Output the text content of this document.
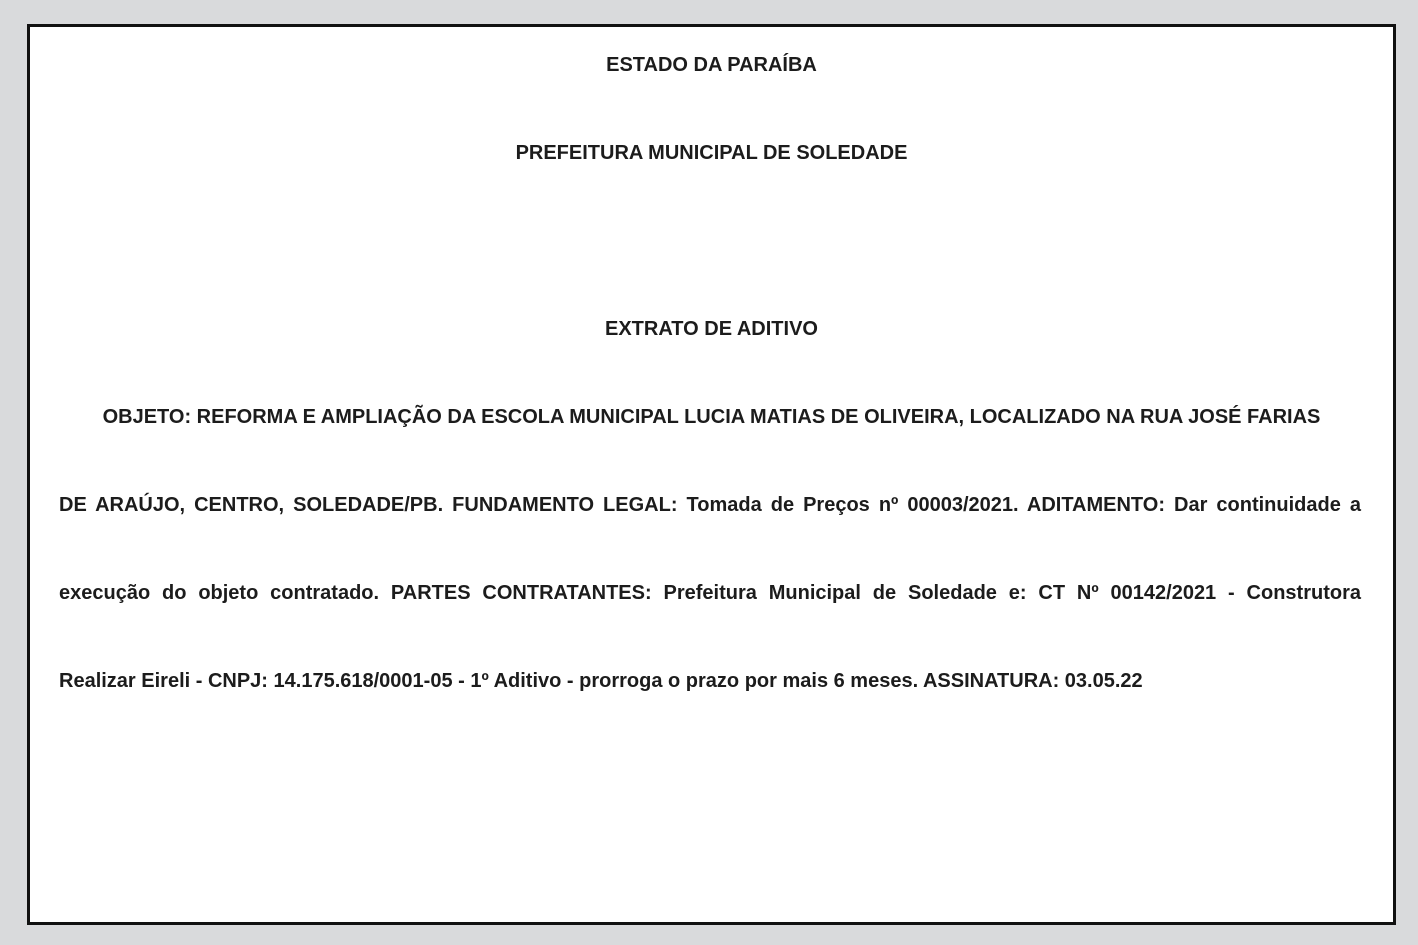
ESTADO DA PARAÍBA
PREFEITURA MUNICIPAL DE SOLEDADE
EXTRATO DE ADITIVO
OBJETO: REFORMA E AMPLIAÇÃO DA ESCOLA MUNICIPAL LUCIA MATIAS DE OLIVEIRA, LOCALIZADO NA RUA JOSÉ FARIAS
DE ARAÚJO, CENTRO, SOLEDADE/PB. FUNDAMENTO LEGAL: Tomada de Preços nº 00003/2021. ADITAMENTO: Dar continuidade a
execução do objeto contratado. PARTES CONTRATANTES: Prefeitura Municipal de Soledade e: CT Nº 00142/2021 - Construtora
Realizar Eireli - CNPJ: 14.175.618/0001-05 - 1º Aditivo - prorroga o prazo por mais 6 meses. ASSINATURA: 03.05.22
